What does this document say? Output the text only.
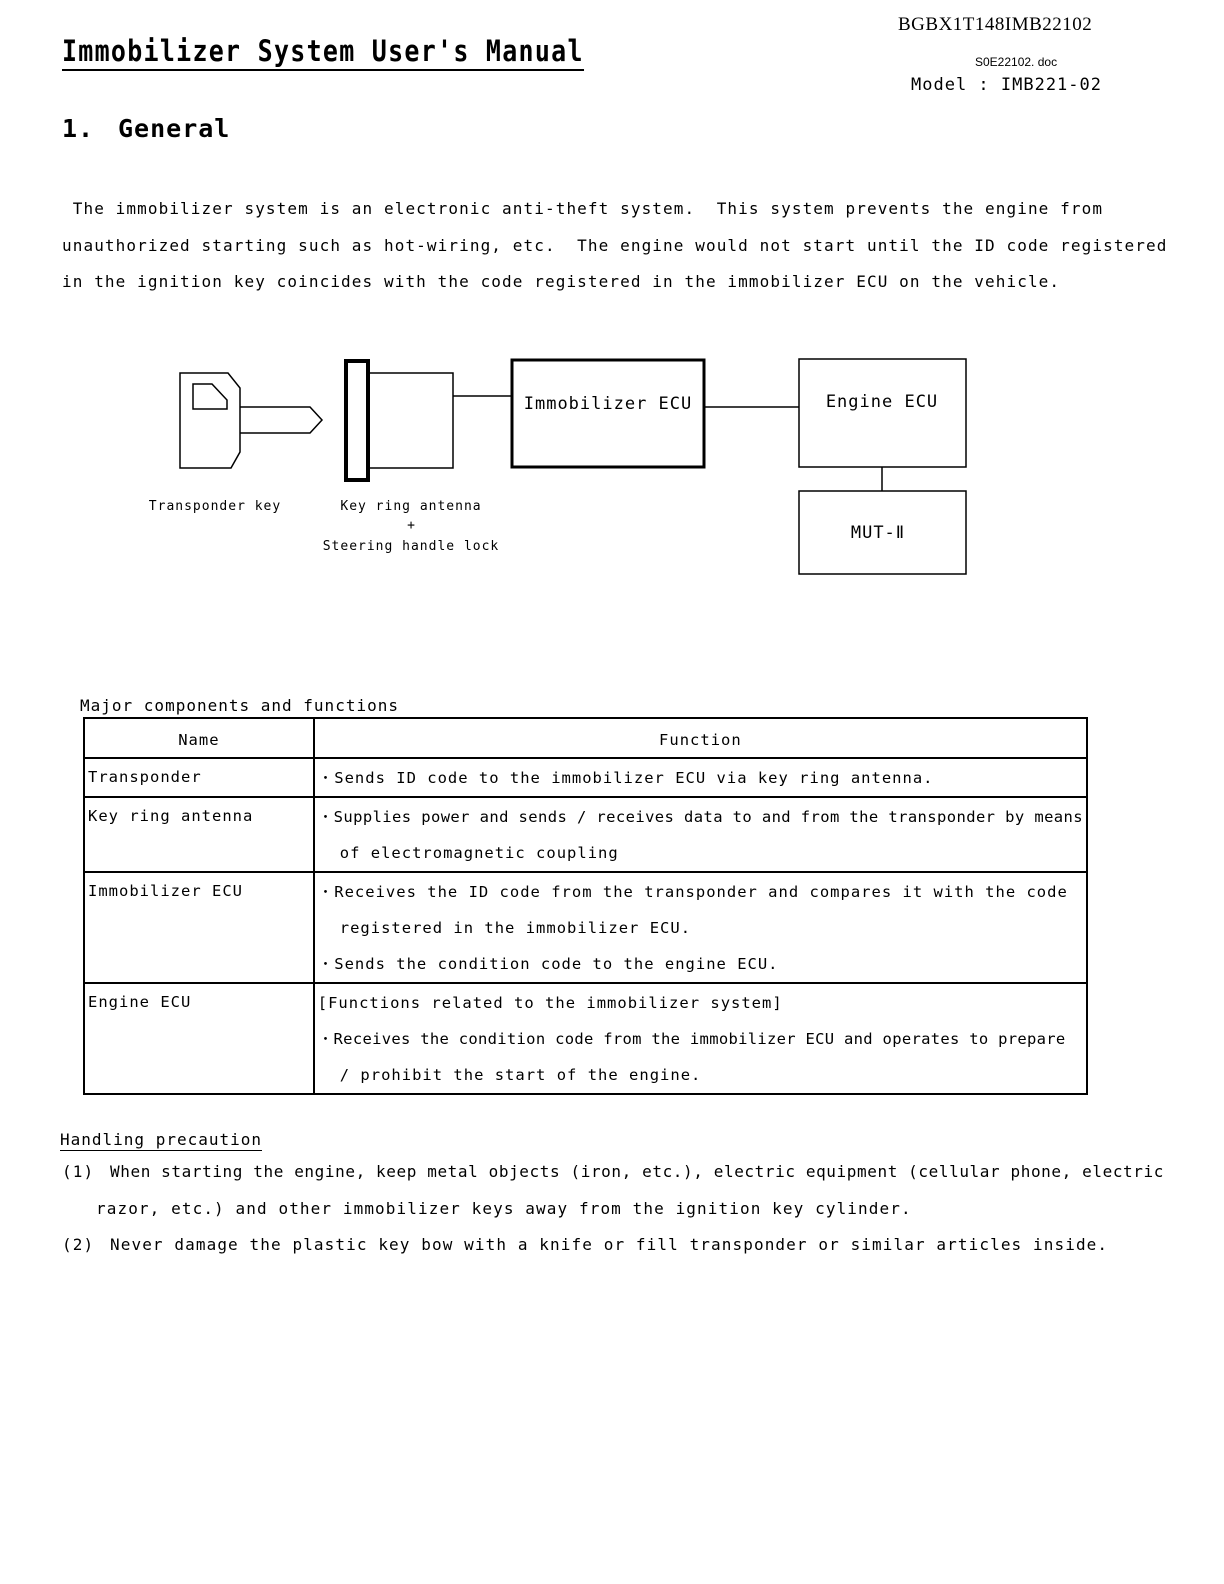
BGBX1T148IMB22102
Immobilizer System User's Manual	S0E22102. doc
Model : IMB221-02
1. General

The immobilizer system is an electronic anti-theft system.  This system prevents the engine from

unauthorized starting such as hot-wiring, etc.  The engine would not start until the ID code registered

in the ignition key coincides with the code registered in the immobilizer ECU on the vehicle.

Immobilizer ECU	Engine ECU
MUT-Ⅱ
Transponder key	Key ring antenna
+
Steering handle lock
Major components and functions
Name	Function
Transponder	・Sends ID code to the immobilizer ECU via key ring antenna.

Key ring antenna	・Supplies power and sends / receives data to and from the transponder by means
of electromagnetic coupling

Immobilizer ECU	・Receives the ID code from the transponder and compares it with the code
registered in the immobilizer ECU.
・Sends the condition code to the engine ECU.

Engine ECU	[Functions related to the immobilizer system]
・Receives the condition code from the immobilizer ECU and operates to prepare
/ prohibit the start of the engine.
Handling precaution
(1) When starting the engine, keep metal objects (iron, etc.), electric equipment (cellular phone, electric
razor, etc.) and other immobilizer keys away from the ignition key cylinder.
(2) Never damage the plastic key bow with a knife or fill transponder or similar articles inside.
